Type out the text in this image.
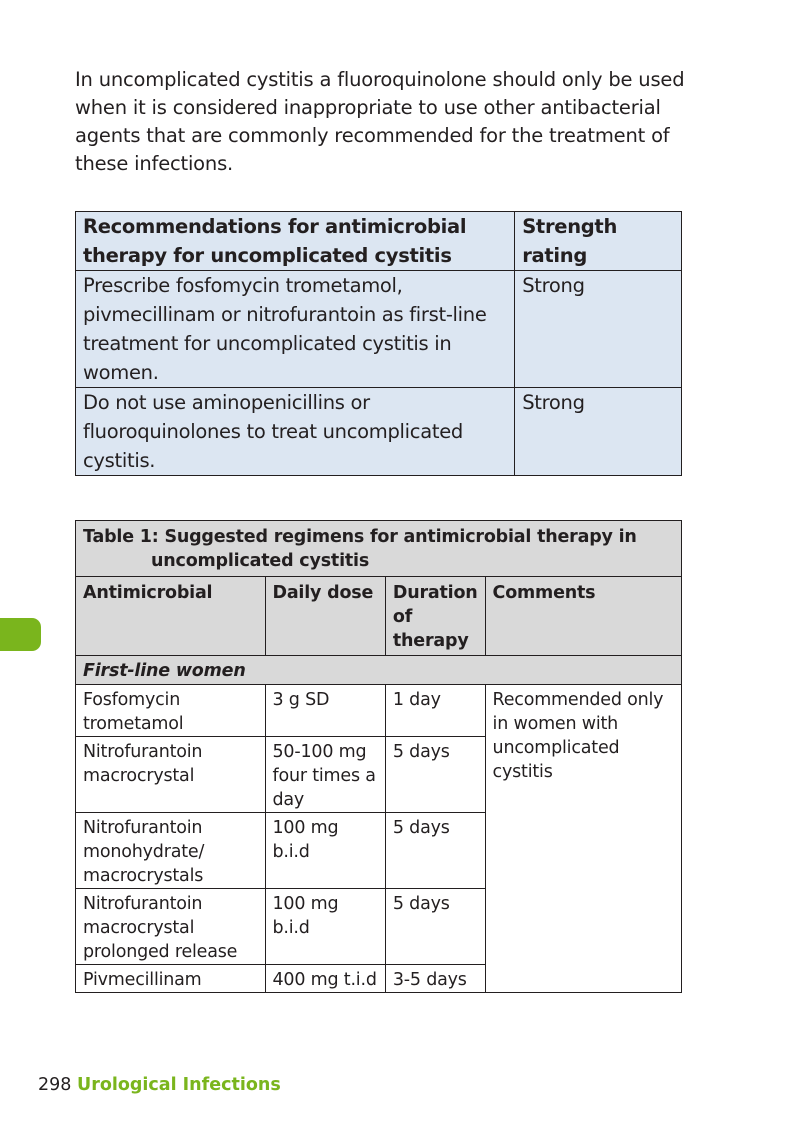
In uncomplicated cystitis a fluoroquinolone should only be used when it is considered inappropriate to use other antibacterial agents that are commonly recommended for the treatment of these infections.
Recommendations for antimicrobial therapy for uncomplicated cystitis	Strength rating
Prescribe fosfomycin trometamol, pivmecillinam or nitrofurantoin as first-line treatment for uncomplicated cystitis in women.	Strong
Do not use aminopenicillins or fluoroquinolones to treat uncomplicated cystitis.	Strong
Table 1: Suggested regimens for antimicrobial therapy in
uncomplicated cystitis			

Antimicrobial	Daily dose	Duration of therapy	Comments
First-line women			
Fosfomycin trometamol	3 g SD	1 day	Recommended only in women with uncomplicated cystitis
Nitrofurantoin macrocrystal	50-100 mg four times a day	5 days	
Nitrofurantoin monohydrate/ macrocrystals	100 mg b.i.d	5 days	
Nitrofurantoin macrocrystal prolonged release	100 mg b.i.d	5 days	
Pivmecillinam	400 mg t.i.d	3-5 days	
298 Urological Infections
